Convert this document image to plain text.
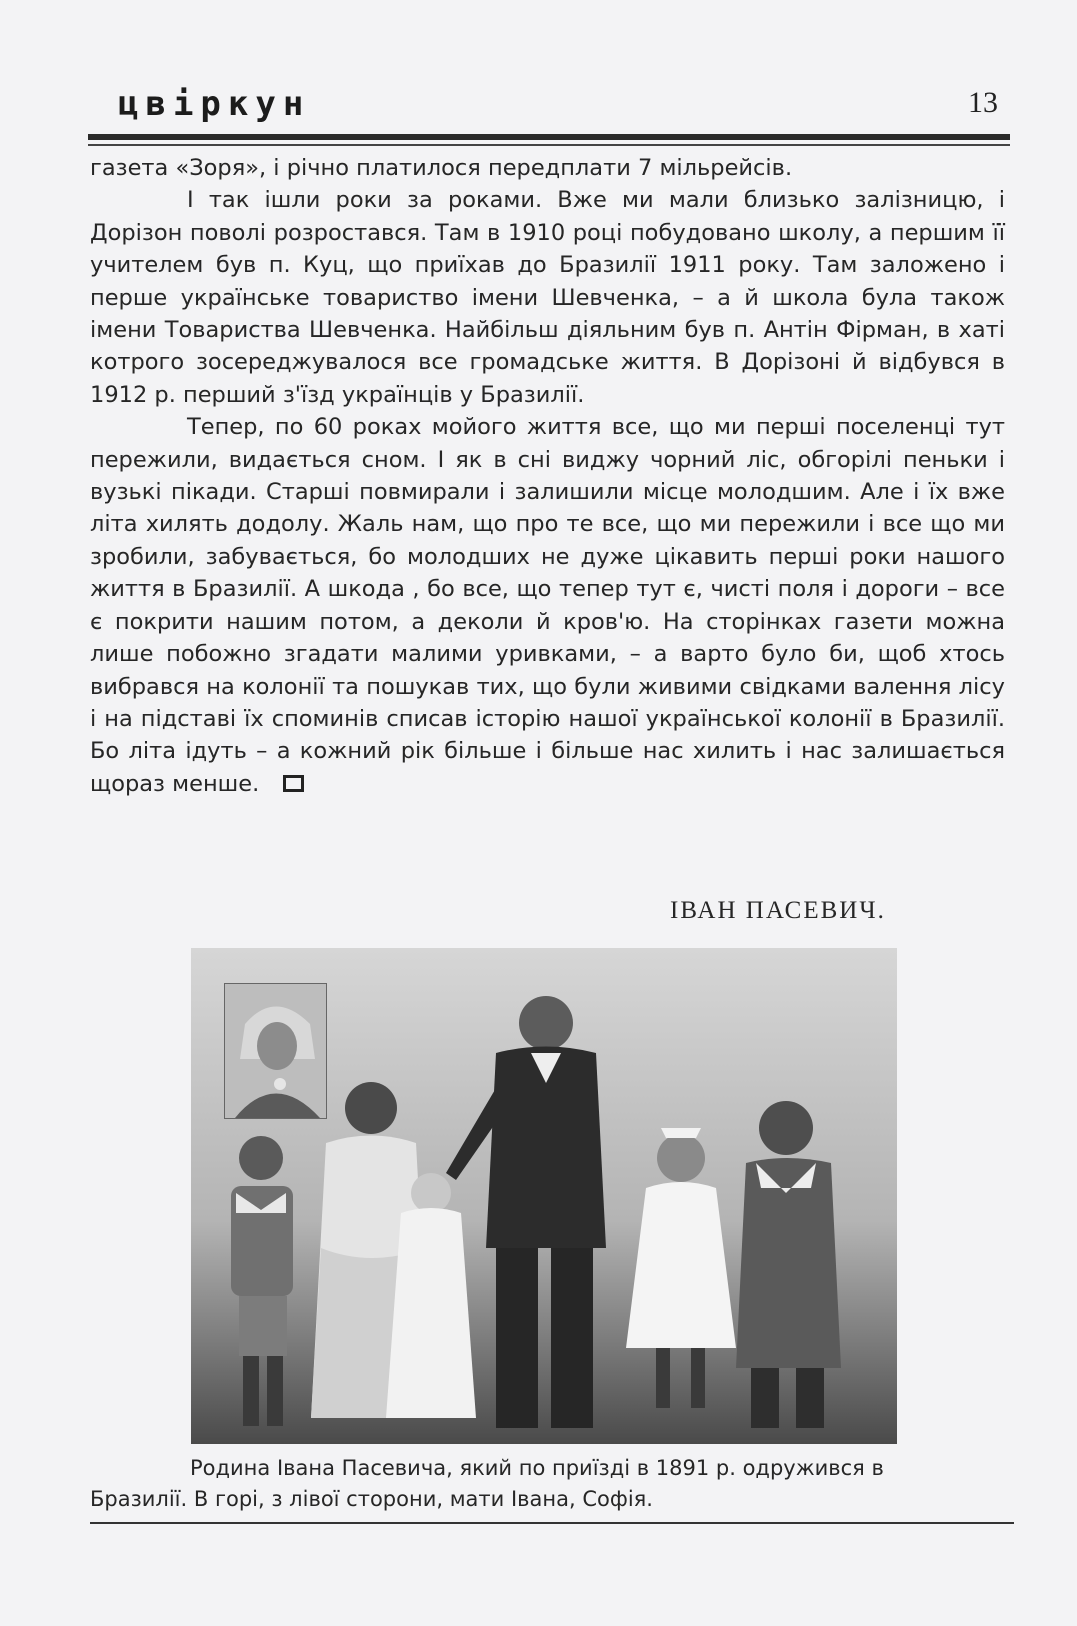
цвіркун	13

газета «Зоря», і річно платилося передплати 7 мільрейсів.

І так ішли роки за роками. Вже ми мали близько залізницю, і Дорізон поволі розростався. Там в 1910 році побудовано школу, а першим її учителем був п. Куц, що приїхав до Бразилії 1911 року. Там заложено і перше українське товариство імени Шевченка, – а й школа була також імени Товариства Шевченка. Найбільш діяльним був п. Антін Фірман, в хаті котрого зосереджувалося все громадське життя. В Дорізоні й відбувся в 1912 р. перший з'їзд українців у Бразилії.

Тепер, по 60 роках мойого життя все, що ми перші поселенці тут пережили, видається сном. І як в сні виджу чорний ліс, обгорілі пеньки і вузькі пікади. Старші повмирали і залишили місце молодшим. Але і їх вже літа хилять додолу. Жаль нам, що про те все, що ми пережили і все що ми зробили, забувається, бо молодших не дуже цікавить перші роки нашого життя в Бразилії. А шкода , бо все, що тепер тут є, чисті поля і дороги – все є покрити нашим потом, а деколи й кров'ю. На сторінках газети можна лише побожно згадати малими уривками, – а варто було би, щоб хтось вибрався на колонії та пошукав тих, що були живими свідками валення лісу і на підставі їх споминів списав історію нашої української колонії в Бразилії. Бо літа ідуть – а кожний рік більше і більше нас хилить і нас залишається щораз менше.

ІВАН ПАСЕВИЧ.
Родина Івана Пасевича, який по приїзді в 1891 р. одружився в
Бразилії. В горі, з лівої сторони, мати Івана, Софія.
